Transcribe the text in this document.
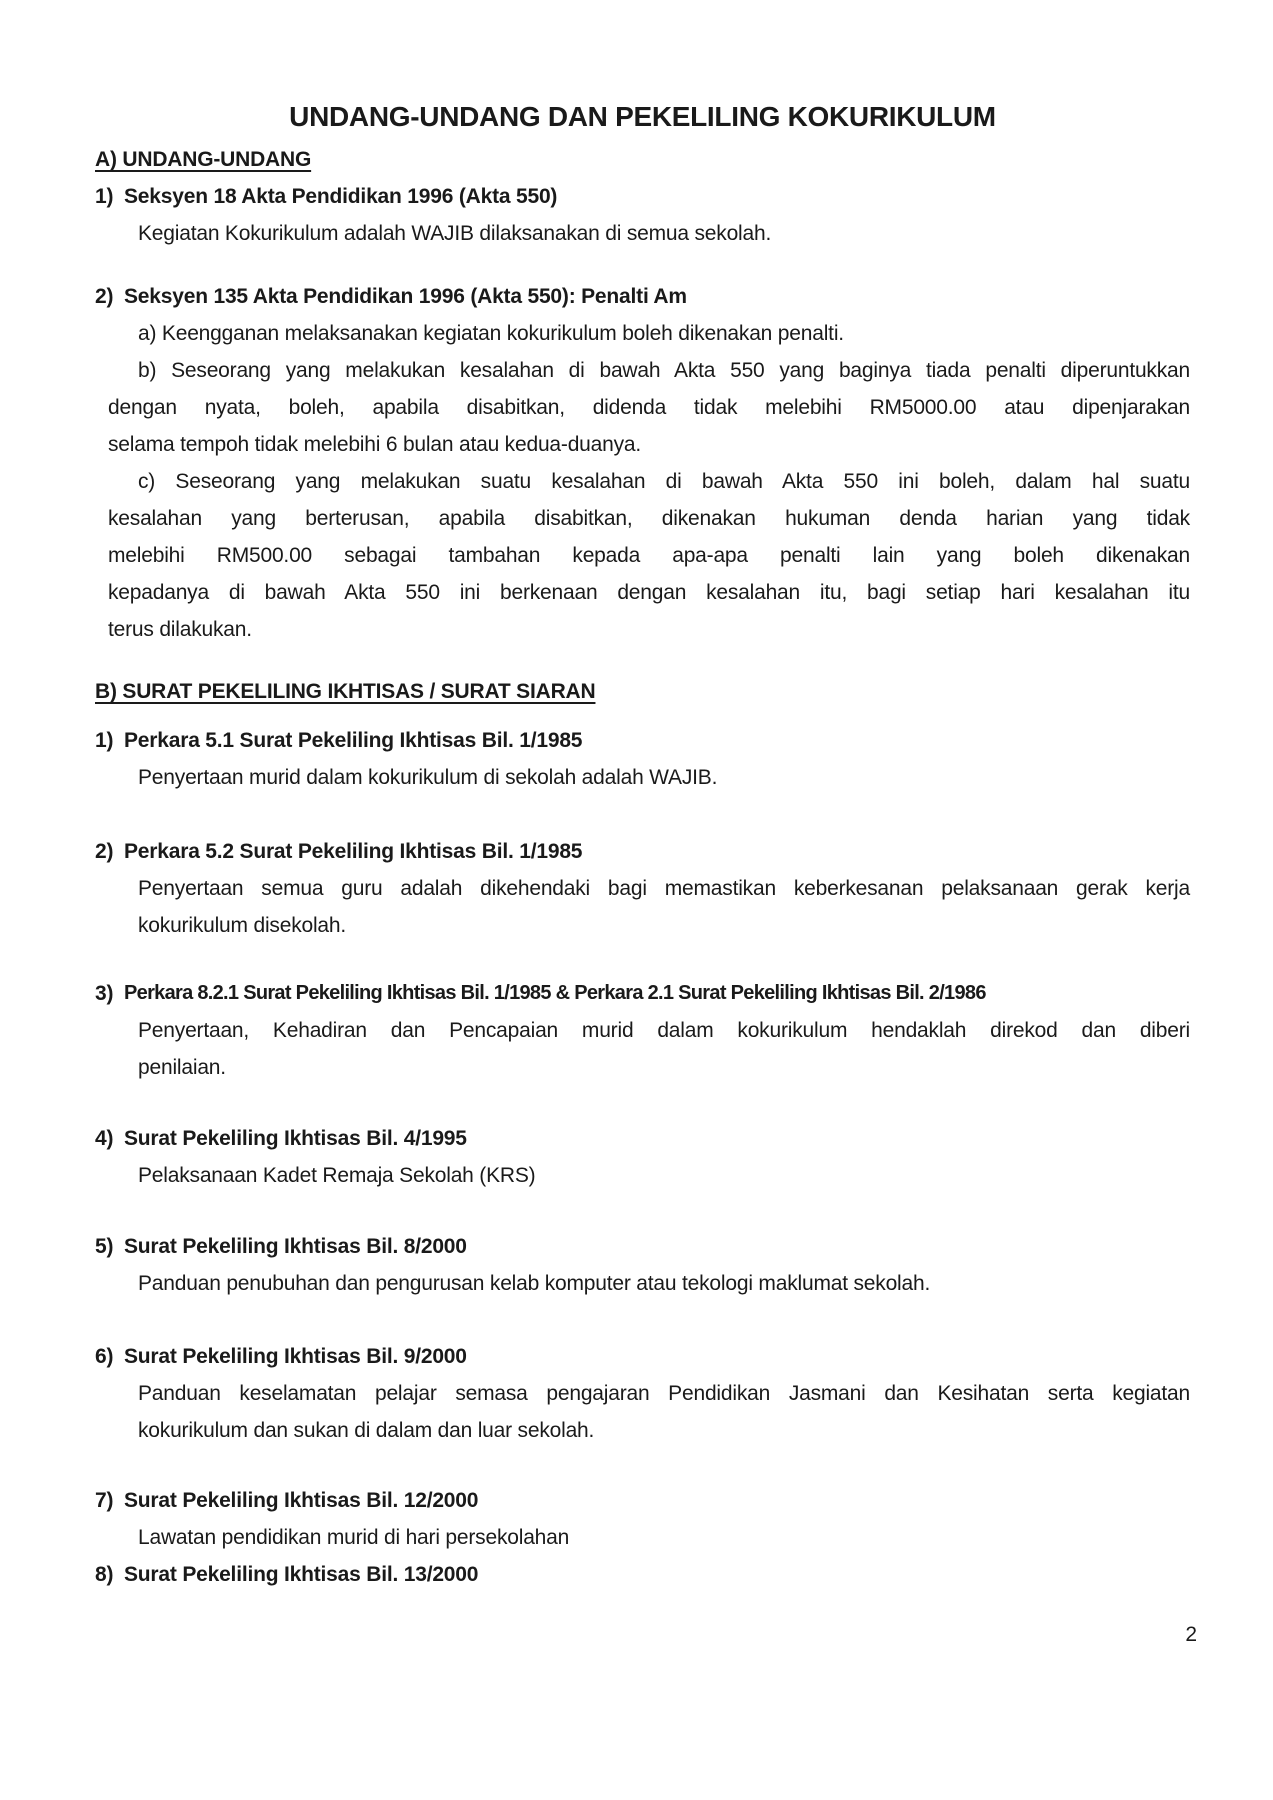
UNDANG-UNDANG DAN PEKELILING KOKURIKULUM
A) UNDANG-UNDANG
1) Seksyen 18 Akta Pendidikan 1996 (Akta 550)
Kegiatan Kokurikulum adalah WAJIB dilaksanakan di semua sekolah.
2) Seksyen 135 Akta Pendidikan 1996 (Akta 550): Penalti Am
a) Keengganan melaksanakan kegiatan kokurikulum boleh dikenakan penalti.
b) Seseorang yang melakukan kesalahan di bawah Akta 550 yang baginya tiada penalti diperuntukkan
dengan nyata, boleh, apabila disabitkan, didenda tidak melebihi RM5000.00 atau dipenjarakan
selama tempoh tidak melebihi 6 bulan atau kedua-duanya.
c) Seseorang yang melakukan suatu kesalahan di bawah Akta 550 ini boleh, dalam hal suatu
kesalahan yang berterusan, apabila disabitkan, dikenakan hukuman denda harian yang tidak
melebihi RM500.00 sebagai tambahan kepada apa-apa penalti lain yang boleh dikenakan
kepadanya di bawah Akta 550 ini berkenaan dengan kesalahan itu, bagi setiap hari kesalahan itu
terus dilakukan.
B) SURAT PEKELILING IKHTISAS / SURAT SIARAN
1) Perkara 5.1 Surat Pekeliling Ikhtisas Bil. 1/1985
Penyertaan murid dalam kokurikulum di sekolah adalah WAJIB.
2) Perkara 5.2 Surat Pekeliling Ikhtisas Bil. 1/1985
Penyertaan semua guru adalah dikehendaki bagi memastikan keberkesanan pelaksanaan gerak kerja
kokurikulum disekolah.
3) Perkara 8.2.1 Surat Pekeliling Ikhtisas Bil. 1/1985 & Perkara 2.1 Surat Pekeliling Ikhtisas Bil. 2/1986
Penyertaan, Kehadiran dan Pencapaian murid dalam kokurikulum hendaklah direkod dan diberi
penilaian.
4) Surat Pekeliling Ikhtisas Bil. 4/1995
Pelaksanaan Kadet Remaja Sekolah (KRS)
5) Surat Pekeliling Ikhtisas Bil. 8/2000
Panduan penubuhan dan pengurusan kelab komputer atau tekologi maklumat sekolah.
6) Surat Pekeliling Ikhtisas Bil. 9/2000
Panduan keselamatan pelajar semasa pengajaran Pendidikan Jasmani dan Kesihatan serta kegiatan
kokurikulum dan sukan di dalam dan luar sekolah.
7) Surat Pekeliling Ikhtisas Bil. 12/2000
Lawatan pendidikan murid di hari persekolahan
8) Surat Pekeliling Ikhtisas Bil. 13/2000
2
